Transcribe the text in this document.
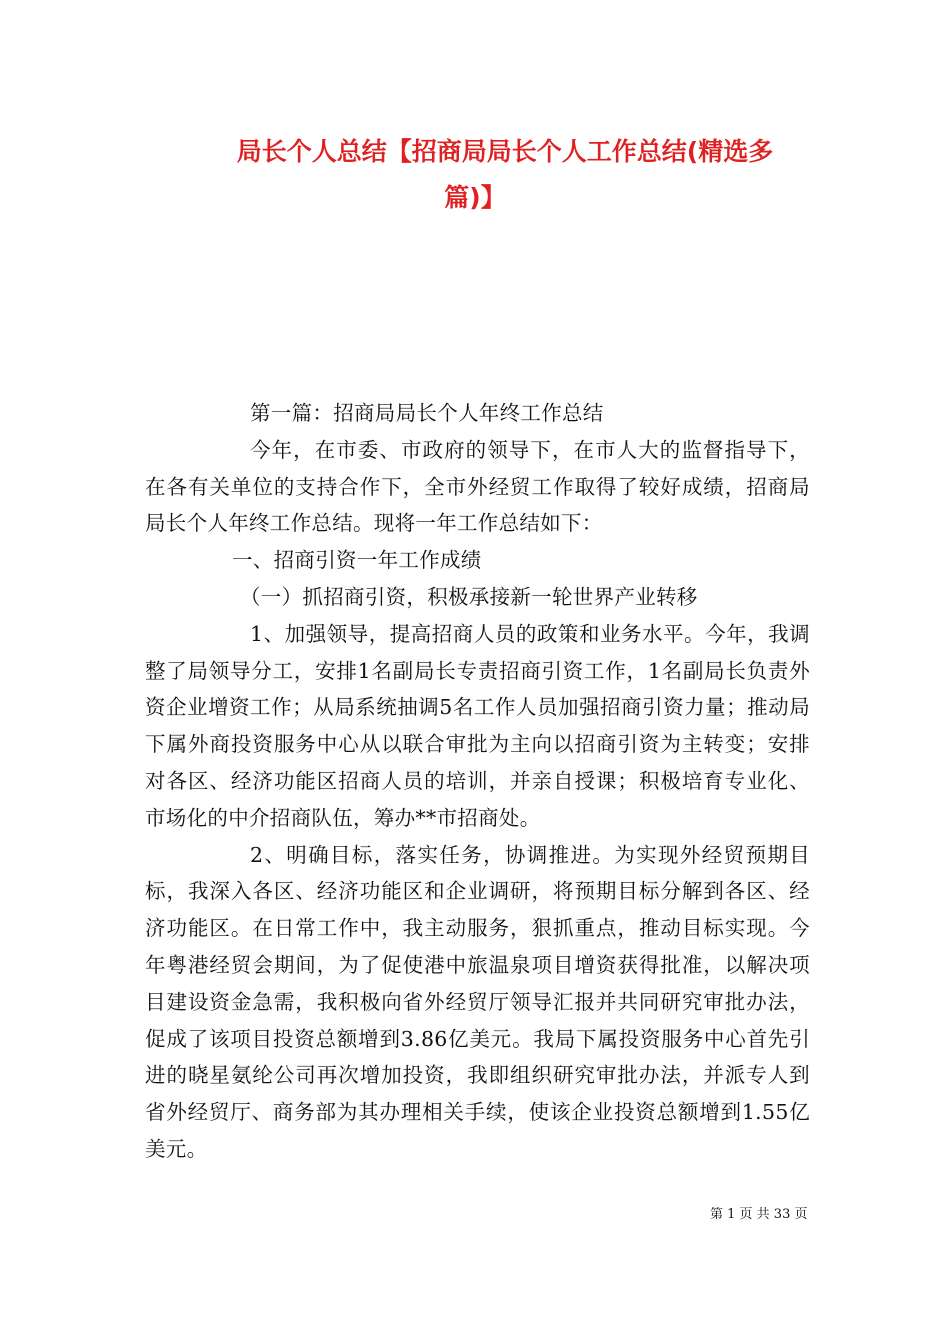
局长个人总结【招商局局长个人工作总结(精选多
篇)】

第一篇：招商局局长个人年终工作总结

今年，在市委、市政府的领导下，在市人大的监督指导下，在各有关单位的支持合作下，全市外经贸工作取得了较好成绩，招商局局长个人年终工作总结。现将一年工作总结如下：

一、招商引资一年工作成绩

（一）抓招商引资，积极承接新一轮世界产业转移

1、加强领导，提高招商人员的政策和业务水平。今年，我调整了局领导分工，安排1名副局长专责招商引资工作，1名副局长负责外资企业增资工作；从局系统抽调5名工作人员加强招商引资力量；推动局下属外商投资服务中心从以联合审批为主向以招商引资为主转变；安排对各区、经济功能区招商人员的培训，并亲自授课；积极培育专业化、市场化的中介招商队伍，筹办**市招商处。

2、明确目标，落实任务，协调推进。为实现外经贸预期目标，我深入各区、经济功能区和企业调研，将预期目标分解到各区、经济功能区。在日常工作中，我主动服务，狠抓重点，推动目标实现。今年粤港经贸会期间，为了促使港中旅温泉项目增资获得批准，以解决项目建设资金急需，我积极向省外经贸厅领导汇报并共同研究审批办法，促成了该项目投资总额增到3.86亿美元。我局下属投资服务中心首先引进的晓星氨纶公司再次增加投资，我即组织研究审批办法，并派专人到省外经贸厅、商务部为其办理相关手续，使该企业投资总额增到1.55亿美元。

第 1 页 共 33 页
